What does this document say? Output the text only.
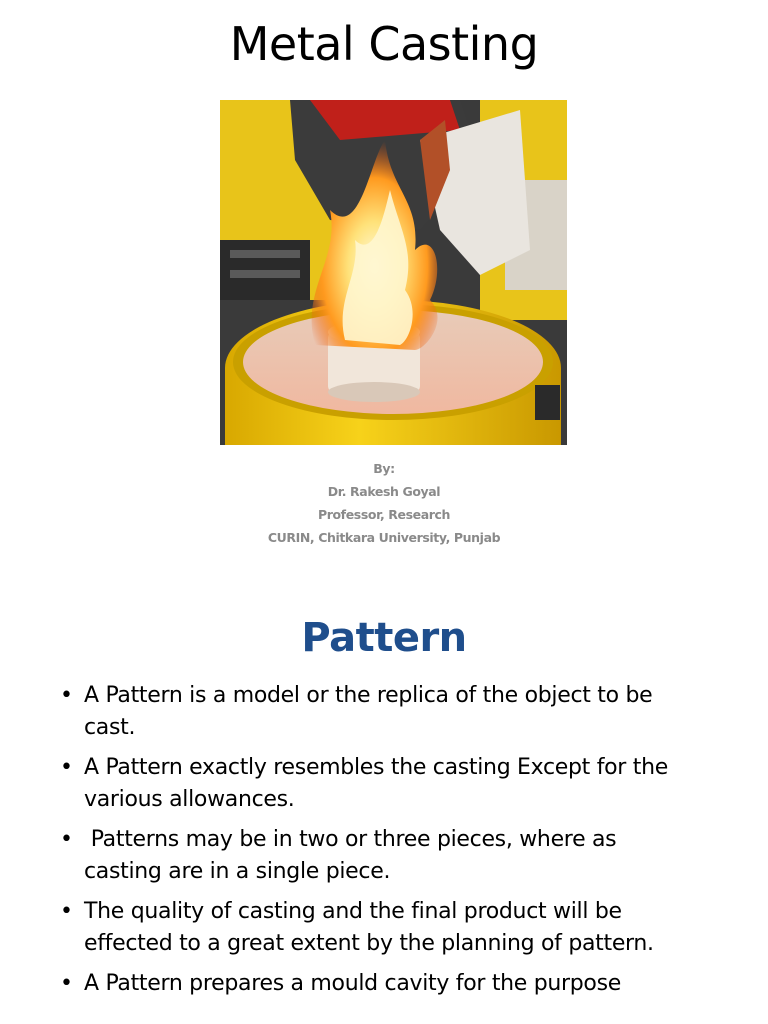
Metal Casting
By:
Dr. Rakesh Goyal
Professor, Research
CURIN, Chitkara University, Punjab
Pattern
• A Pattern is a model or the replica of the object to be cast.
• A Pattern exactly resembles the casting Except for the various allowances.
• Patterns may be in two or three pieces, where as casting are in a single piece.
• The quality of casting and the final product will be effected to a great extent by the planning of pattern.
• A Pattern prepares a mould cavity for the purpose
